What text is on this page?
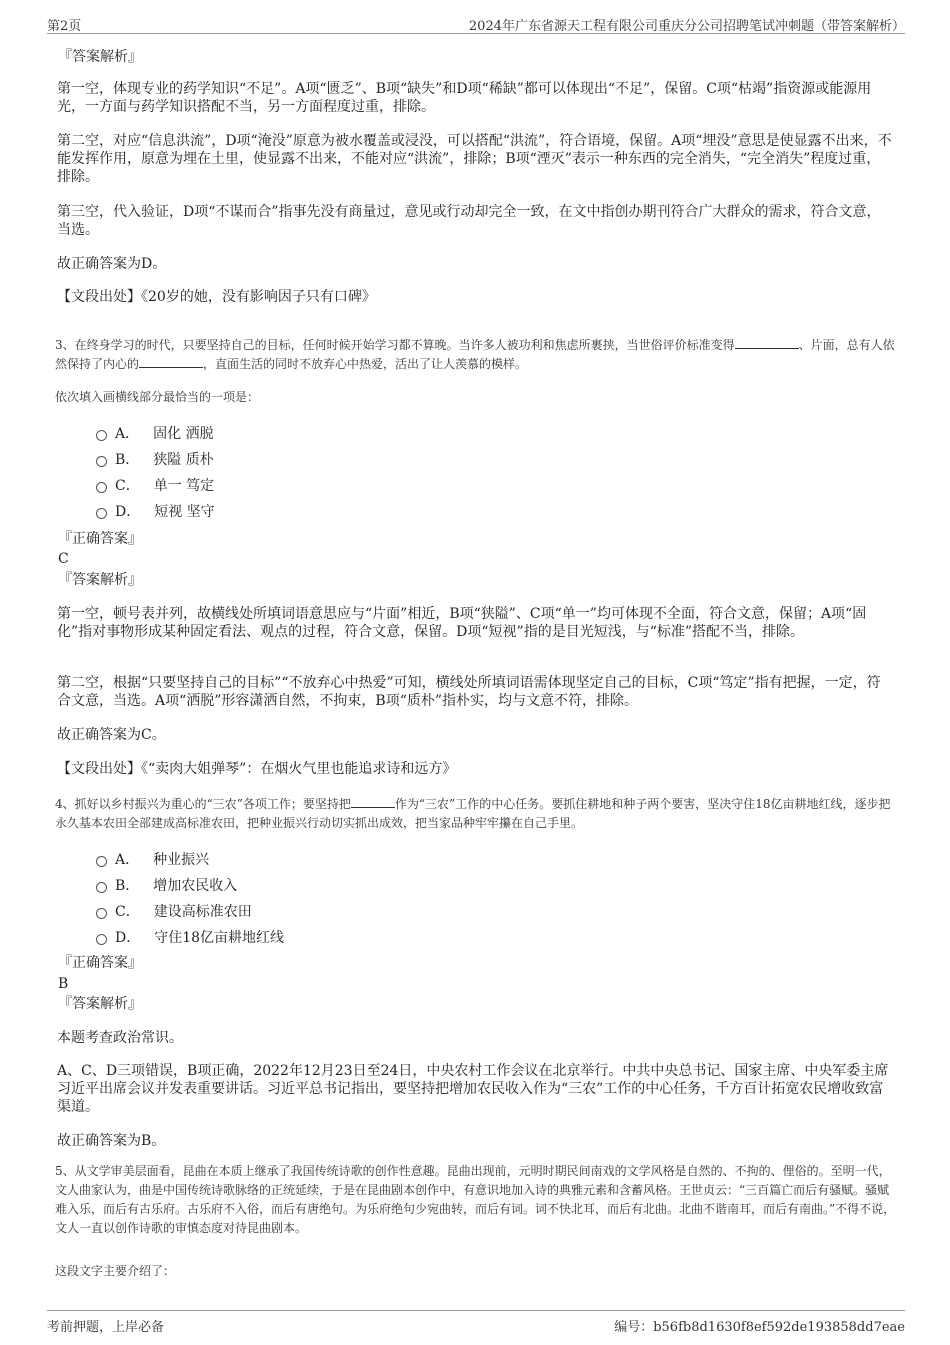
第2页	2024年广东省源天工程有限公司重庆分公司招聘笔试冲刺题（带答案解析）
『答案解析』

第一空，体现专业的药学知识“不足”。A项“匮乏”、B项“缺失”和D项“稀缺”都可以体现出“不足”，保留。C项“枯竭”指资源或能源用光，一方面与药学知识搭配不当，另一方面程度过重，排除。

第二空，对应“信息洪流”，D项“淹没”原意为被水覆盖或浸没，可以搭配“洪流”，符合语境，保留。A项“埋没”意思是使显露不出来，不能发挥作用，原意为埋在土里，使显露不出来，不能对应“洪流”，排除；B项“湮灭”表示一种东西的完全消失，“完全消失”程度过重，排除。

第三空，代入验证，D项“不谋而合”指事先没有商量过，意见或行动却完全一致，在文中指创办期刊符合广大群众的需求，符合文意，当选。

故正确答案为D。

【文段出处】《20岁的她，没有影响因子只有口碑》

3、在终身学习的时代，只要坚持自己的目标，任何时候开始学习都不算晚。当许多人被功利和焦虑所裹挟，当世俗评价标准变得	、片面，总有人依然保持了内心的	，直面生活的同时不放弃心中热爱，活出了让人羡慕的模样。

依次填入画横线部分最恰当的一项是：

A． 固化 洒脱
B． 狭隘 质朴
C． 单一 笃定
D． 短视 坚守
『正确答案』
C
『答案解析』

第一空，顿号表并列，故横线处所填词语意思应与“片面”相近，B项“狭隘”、C项“单一”均可体现不全面，符合文意，保留；A项“固化”指对事物形成某种固定看法、观点的过程，符合文意，保留。D项“短视”指的是目光短浅，与“标准”搭配不当，排除。

第二空，根据“只要坚持自己的目标”“不放弃心中热爱”可知，横线处所填词语需体现坚定自己的目标，C项“笃定”指有把握，一定，符合文意，当选。A项“洒脱”形容潇洒自然，不拘束，B项“质朴”指朴实，均与文意不符，排除。

故正确答案为C。

【文段出处】《“卖肉大姐弹琴”：在烟火气里也能追求诗和远方》

4、抓好以乡村振兴为重心的“三农”各项工作；要坚持把	作为“三农”工作的中心任务。要抓住耕地和种子两个要害，坚决守住18亿亩耕地红线，逐步把永久基本农田全部建成高标准农田，把种业振兴行动切实抓出成效，把当家品种牢牢攥在自己手里。

A． 种业振兴
B． 增加农民收入
C． 建设高标准农田
D． 守住18亿亩耕地红线
『正确答案』
B
『答案解析』

本题考查政治常识。

A、C、D三项错误，B项正确，2022年12月23日至24日，中央农村工作会议在北京举行。中共中央总书记、国家主席、中央军委主席习近平出席会议并发表重要讲话。习近平总书记指出，要坚持把增加农民收入作为“三农”工作的中心任务，千方百计拓宽农民增收致富渠道。

故正确答案为B。

5、从文学审美层面看，昆曲在本质上继承了我国传统诗歌的创作性意趣。昆曲出现前，元明时期民间南戏的文学风格是自然的、不拘的、俚俗的。至明一代，文人曲家认为，曲是中国传统诗歌脉络的正统延续，于是在昆曲剧本创作中，有意识地加入诗的典雅元素和含蓄风格。王世贞云：“三百篇亡而后有骚赋。骚赋难入乐，而后有古乐府。古乐府不入俗，而后有唐绝句。为乐府绝句少宛曲转，而后有词。词不快北耳，而后有北曲。北曲不谐南耳，而后有南曲。”不得不说，文人一直以创作诗歌的审慎态度对待昆曲剧本。

这段文字主要介绍了：

考前押题，上岸必备	编号：b56fb8d1630f8ef592de193858dd7eae
